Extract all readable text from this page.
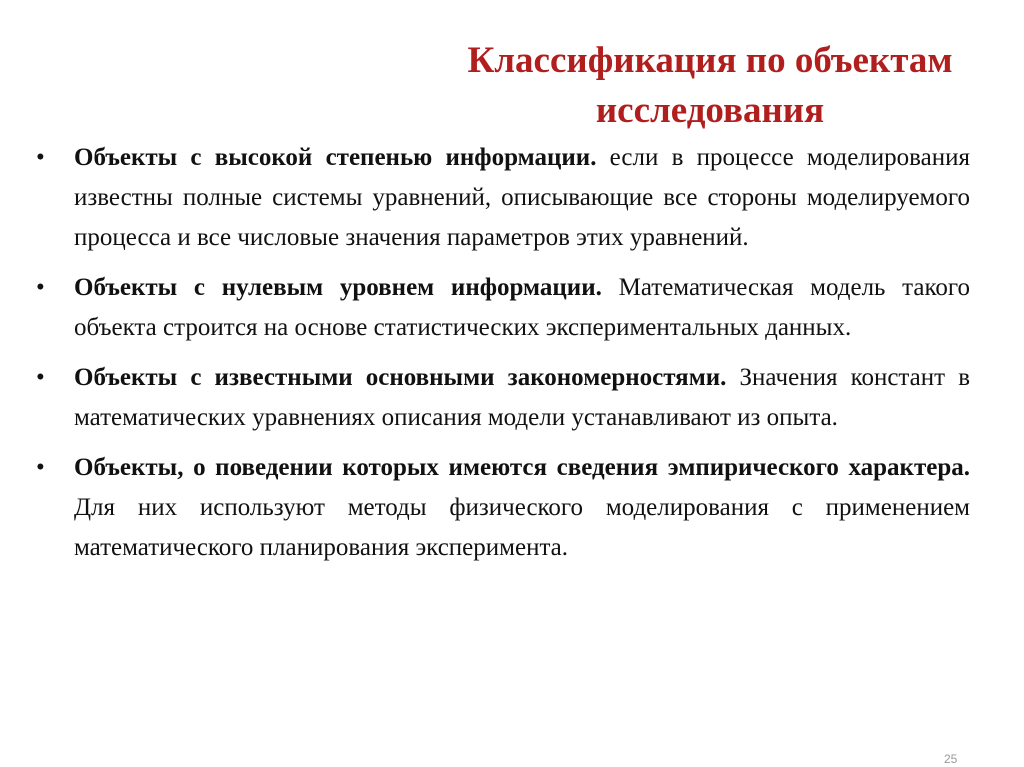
Классификация по объектам
исследования
• Объекты с высокой степенью информации. если в процессе моделирования известны полные системы уравнений, описывающие все стороны моделируемого процесса и все числовые значения параметров этих уравнений.
• Объекты с нулевым уровнем информации. Математическая модель такого объекта строится на основе статистических экспериментальных данных.
• Объекты с известными основными закономерностями. Значения констант в математических уравнениях описания модели устанавливают из опыта.
• Объекты, о поведении которых имеются сведения эмпирического характера. Для них используют методы физического моделирования с применением математического планирования эксперимента.
25
